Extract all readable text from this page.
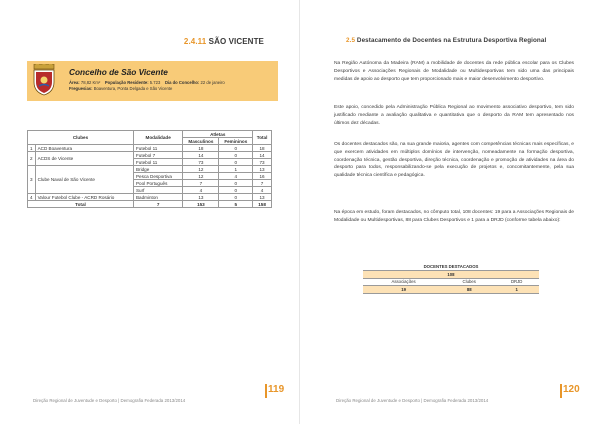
2.4.11 SÃO VICENTE
Concelho de São Vicente
Área: 78,82 Km² População Residente: 5.723 Dia do Concelho: 22 de janeiro
Freguesias: Boaventura, Ponta Delgada e São Vicente
Clubes		Modalidade	Atletas		Total
			Masculinos	Femininos	
1	ACD Boaventura	Futebol 11	18	0	18
2	ACDS de Vicente	Futebol 7	14	0	14
		Futebol 11	73	0	73
3	Clube Naval de São Vicente	Bridge	12	1	13
		Pesca Desportiva	12	4	16
		Pool Português	7	0	7
		Surf	4	0	4
4	Valour Futebol Clube - ACRD Rosário	Badminton	13	0	13
Total		7	153	5	158
Direção Regional de Juventude e Desporto | Demografia Federada 2013/2014
119
2.5 Destacamento de Docentes na Estrutura Desportiva Regional

Na Região Autónoma da Madeira (RAM) a mobilidade de docentes da rede pública escolar para os Clubes Desportivos e Associações Regionais de Modalidade ou Multidesportivas tem sido uma das principais medidas de apoio ao desporto que tem proporcionado mais e maior desenvolvimento desportivo.

Este apoio, concedido pela Administração Pública Regional ao movimento associativo desportivo, tem sido justificado mediante a avaliação qualitativa e quantitativa que o desporto da RAM tem apresentado nos últimos dez décadas.

Os docentes destacados são, na sua grande maioria, agentes com competências técnicas mais específicas, e que exercem atividades em múltiplos domínios de intervenção, nomeadamente na formação desportiva, coordenação técnica, gestão desportiva, direção técnica, coordenação e promoção de atividades na área do desporto para todos, responsabilizando-se pela execução de projetos e, concomitantemente, pela sua qualidade técnica científica e pedagógica.

Na época em estudo, foram destacados, no cômputo total, 108 docentes: 19 para a Associações Regionais de Modalidade ou Multidesportivas, 88 para Clubes Desportivos e 1 para a DRJD (conforme tabela abaixo):

DOCENTES DESTACADOS		
108		
Associações	Clubes	DRJD
19	88	1
Direção Regional de Juventude e Desporto | Demografia Federada 2013/2014
120
